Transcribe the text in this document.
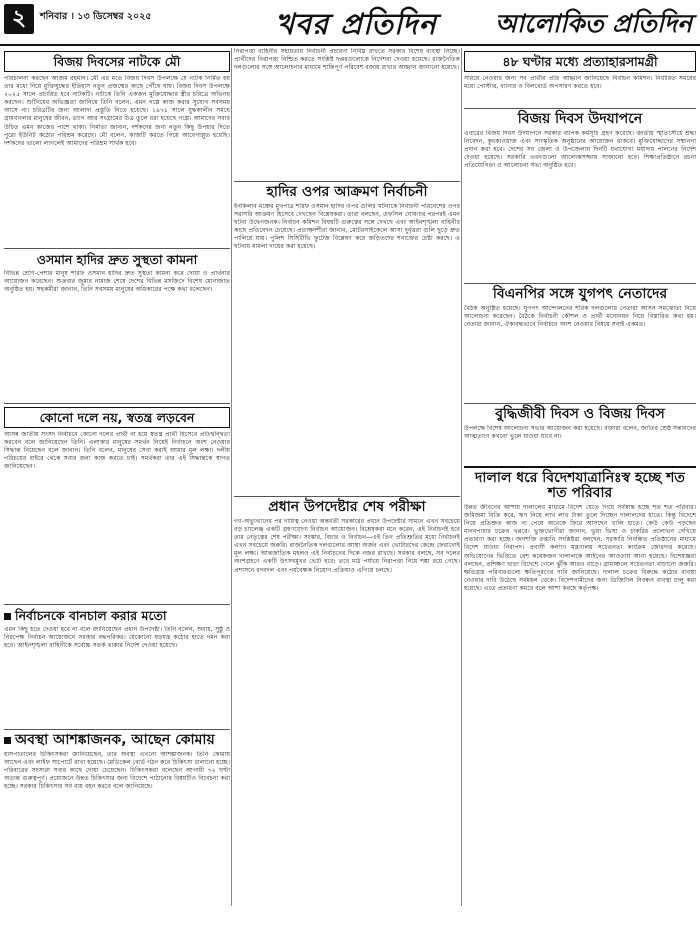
২	শনিবার । ১৩ ডিসেম্বর ২০২৫	খবর প্রতিদিন আলোকিত প্রতিদিন
বিজয় দিবসের নাটকে মৌ
পরিচালনা করছেন আজম রহমান। মৌ এর মতে বিজয় দিবস উপলক্ষে যে নাটক নির্মিত হয় তার মধ্যে দিয়ে মুক্তিযুদ্ধের ইতিহাস নতুন প্রজন্মের কাছে পৌঁছে যায়। বিজয় দিবস উপলক্ষে ২০২৫ সালে প্রচারিত হবে নাটকটি। নাটকে তিনি একজন মুক্তিযোদ্ধার স্ত্রীর চরিত্রে অভিনয় করছেন। শুটিংয়ের অভিজ্ঞতা জানিয়ে তিনি বলেন, এমন গল্পে কাজ করার সুযোগ সবসময় আসে না। চরিত্রটির জন্য আলাদা প্রস্তুতি নিতে হয়েছে। ১৯৭১ সালে যুদ্ধকালীন সময়ে গ্রামবাংলার মানুষের জীবন, ত্যাগ আর সংগ্রামের চিত্র তুলে ধরা হয়েছে গল্পে। আমাদের সবার উচিত এমন কাজের পাশে থাকা। নির্মাতা জানান, দর্শকদের জন্য নতুন কিছু উপহার দিতে পুরো ইউনিট কঠোর পরিশ্রম করেছে। মৌ বলেন, কাজটি করতে গিয়ে আবেগাপ্লুত হয়েছি। দর্শকদের ভালো লাগলেই আমাদের পরিশ্রম সার্থক হবে।
ওসমান হাদির দ্রুত সুস্থতা কামনা
বিভিন্ন শ্রেণি-পেশার মানুষ শরিফ ওসমান হাদির দ্রুত সুস্থতা কামনা করে দোয়া ও প্রার্থনার আয়োজন করেছেন। শুক্রবার জুমার নামাজ শেষে দেশের বিভিন্ন মসজিদে বিশেষ মোনাজাত অনুষ্ঠিত হয়। সহকর্মীরা জানান, তিনি সবসময় মানুষের অধিকারের পক্ষে কথা বলেছেন।
কোনো দলে নয়, স্বতন্ত্র লড়বেন
আসন্ন জাতীয় সংসদ নির্বাচনে কোনো দলের প্রার্থী না হয়ে স্বতন্ত্র প্রার্থী হিসেবে প্রতিদ্বন্দ্বিতা করবেন বলে জানিয়েছেন তিনি। এলাকার মানুষের সমর্থন নিয়েই নির্বাচনে অংশ নেওয়ার সিদ্ধান্ত নিয়েছেন বলে জানান। তিনি বলেন, মানুষের সেবা করাই আমার মূল লক্ষ্য। দলীয় পরিচয়ের বাইরে থেকে সবার জন্য কাজ করতে চাই। সমর্থকরা তার এই সিদ্ধান্তকে স্বাগত জানিয়েছেন।
নির্বাচনকে বানচাল করার মতো
এমন কিছু হতে দেওয়া হবে না বলে জানিয়েছেন প্রধান উপদেষ্টা। তিনি বলেন, অবাধ, সুষ্ঠু ও নিরপেক্ষ নির্বাচন আয়োজনে সরকার বদ্ধপরিকর। যেকোনো ষড়যন্ত্র কঠোর হাতে দমন করা হবে। আইনশৃঙ্খলা বাহিনীকে সর্বোচ্চ সতর্ক থাকার নির্দেশ দেওয়া হয়েছে।
অবস্থা আশঙ্কাজনক, আছেন কোমায়
হাসপাতালের চিকিৎসকরা জানিয়েছেন, তার অবস্থা এখনো আশঙ্কাজনক। তিনি কোমায় আছেন এবং লাইফ সাপোর্টে রাখা হয়েছে। মেডিকেল বোর্ড গঠন করে চিকিৎসা চালানো হচ্ছে। পরিবারের সদস্যরা সবার কাছে দোয়া চেয়েছেন। চিকিৎসকরা বলেছেন আগামী ৭২ ঘণ্টা অত্যন্ত গুরুত্বপূর্ণ। প্রয়োজনে উন্নত চিকিৎসার জন্য বিদেশে পাঠানোর বিষয়টিও বিবেচনা করা হচ্ছে। সরকার চিকিৎসার সব ব্যয় বহন করবে বলে জানিয়েছে।
নিরাপত্তা বাহিনীর সহায়তায় নির্বাচনী প্রচারণা নির্বিঘ্ন রাখতে সরকার বিশেষ ব্যবস্থা নিচ্ছে। প্রার্থীদের নিরাপত্তা নিশ্চিত করতে সংশ্লিষ্ট দপ্তরগুলোকে নির্দেশনা দেওয়া হয়েছে। রাজনৈতিক দলগুলোর সঙ্গে আলোচনার মাধ্যমে শান্তিপূর্ণ পরিবেশ বজায় রাখার আহ্বান জানানো হয়েছে।
হাদির ওপর আক্রমণ নির্বাচনী
ইনকিলাব মঞ্চের মুখপাত্র শরিফ ওসমান হাদির ওপর গুলির ঘটনাকে নির্বাচনী পরিবেশের ওপর সরাসরি আক্রমণ হিসেবে দেখছেন বিশ্লেষকরা। তারা বলছেন, তফসিল ঘোষণার পরপরই এমন ঘটনা উদ্বেগজনক। নির্বাচন কমিশন বিষয়টি গুরুত্বের সঙ্গে দেখছে এবং আইনশৃঙ্খলা বাহিনীর কাছে প্রতিবেদন চেয়েছে। প্রত্যক্ষদর্শীরা জানান, মোটরসাইকেলে আসা দুর্বৃত্তরা গুলি ছুড়ে দ্রুত পালিয়ে যায়। পুলিশ সিসিটিভি ফুটেজ বিশ্লেষণ করে জড়িতদের শনাক্তের চেষ্টা করছে। এ ঘটনায় মামলা দায়ের করা হয়েছে।
প্রধান উপদেষ্টার শেষ পরীক্ষা
গণ-অভ্যুত্থানের পর দায়িত্ব নেওয়া অন্তর্বর্তী সরকারের প্রধান উপদেষ্টার সামনে এখন সবচেয়ে বড় চ্যালেঞ্জ একটি গ্রহণযোগ্য নির্বাচন আয়োজন। বিশ্লেষকরা মনে করেন, এই নির্বাচনই হবে তার নেতৃত্বের শেষ পরীক্ষা। সংস্কার, বিচার ও নির্বাচন—এই তিন প্রতিশ্রুতির মধ্যে নির্বাচনই এখন সবচেয়ে জরুরি। রাজনৈতিক দলগুলোর আস্থা অর্জন এবং ভোটারদের কেন্দ্রে ফেরানোই মূল লক্ষ্য। আন্তর্জাতিক মহলও এই নির্বাচনের দিকে নজর রাখছে। সরকার বলছে, সব দলের অংশগ্রহণে একটি উৎসবমুখর ভোট হবে। তবে মাঠ পর্যায়ে নিরাপত্তা নিয়ে শঙ্কা রয়ে গেছে। প্রশাসনে রদবদল এবং পর্যবেক্ষক নিয়োগ প্রক্রিয়াও এগিয়ে চলছে।
৪৮ ঘণ্টার মধ্যে প্রত্যাহারসামগ্রী
সরিয়ে নেওয়ার জন্য সব প্রার্থীর প্রতি আহ্বান জানিয়েছে নির্বাচন কমিশন। নির্ধারিত সময়ের মধ্যে পোস্টার, ব্যানার ও বিলবোর্ড অপসারণ করতে হবে।
বিজয় দিবস উদযাপনে
এবারের বিজয় দিবস উদযাপনে সরকার ব্যাপক কর্মসূচি গ্রহণ করেছে। জাতীয় স্মৃতিসৌধে শ্রদ্ধা নিবেদন, কুচকাওয়াজ এবং সাংস্কৃতিক অনুষ্ঠানের আয়োজন থাকবে। মুক্তিযোদ্ধাদের সম্মাননা প্রদান করা হবে। দেশের সব জেলা ও উপজেলায় দিনটি যথাযোগ্য মর্যাদায় পালনের নির্দেশ দেওয়া হয়েছে। সরকারি ভবনগুলো আলোকসজ্জায় সাজানো হবে। শিক্ষাপ্রতিষ্ঠানে রচনা প্রতিযোগিতা ও আলোচনা সভা অনুষ্ঠিত হবে।
বিএনপির সঙ্গে যুগপৎ নেতাদের
বৈঠক অনুষ্ঠিত হয়েছে। যুগপৎ আন্দোলনের শরিক দলগুলোর নেতারা আসন সমঝোতা নিয়ে আলোচনা করেছেন। বৈঠকে নির্বাচনী কৌশল ও প্রার্থী মনোনয়ন নিয়ে বিস্তারিত কথা হয়। নেতারা জানান, ঐক্যবদ্ধভাবে নির্বাচনে অংশ নেওয়ার বিষয়ে সবাই একমত।
বুদ্ধিজীবী দিবস ও বিজয় দিবস
উপলক্ষে বিশেষ আলোচনা সভার আয়োজন করা হয়েছে। বক্তারা বলেন, জাতির শ্রেষ্ঠ সন্তানদের আত্মত্যাগ কখনো ভুলে যাওয়া যাবে না।
দালাল ধরে বিদেশযাত্রানিঃস্ব হচ্ছে শত শত পরিবার
উন্নত জীবনের আশায় দালালের মাধ্যমে বিদেশ যেতে গিয়ে সর্বস্বান্ত হচ্ছে শত শত পরিবার। জমিজমা বিক্রি করে, ঋণ নিয়ে লাখ লাখ টাকা তুলে দিচ্ছেন দালালদের হাতে। কিন্তু বিদেশে গিয়ে প্রতিশ্রুত কাজ না পেয়ে অনেকে ফিরে আসছেন খালি হাতে। কেউ কেউ পড়ছেন মানবপাচার চক্রের খপ্পরে। ভুক্তভোগীরা জানান, ভুয়া ভিসা ও চাকরির প্রলোভন দেখিয়ে প্রতারণা করা হচ্ছে। জনশক্তি রপ্তানি সংশ্লিষ্টরা বলছেন, সরকারি নিবন্ধিত প্রতিষ্ঠানের মাধ্যমে বিদেশ যাওয়া নিরাপদ। প্রবাসী কল্যাণ মন্ত্রণালয় সচেতনতা কার্যক্রম জোরদার করেছে। অভিযোগের ভিত্তিতে বেশ কয়েকজন দালালকে আইনের আওতায় আনা হয়েছে। বিশেষজ্ঞরা বলছেন, প্রশিক্ষণ ছাড়া বিদেশে গেলে ঝুঁকি আরও বাড়ে। গ্রামাঞ্চলে সচেতনতা বাড়ানো জরুরি। ক্ষতিগ্রস্ত পরিবারগুলো ক্ষতিপূরণের দাবি জানিয়েছে। দালাল চক্রের বিরুদ্ধে কঠোর ব্যবস্থা নেওয়ার দাবি উঠেছে সর্বমহল থেকে। বিদেশগামীদের জন্য ডিজিটাল নিবন্ধন ব্যবস্থা চালু করা হয়েছে। এতে প্রতারণা কমবে বলে আশা করছে কর্তৃপক্ষ।
